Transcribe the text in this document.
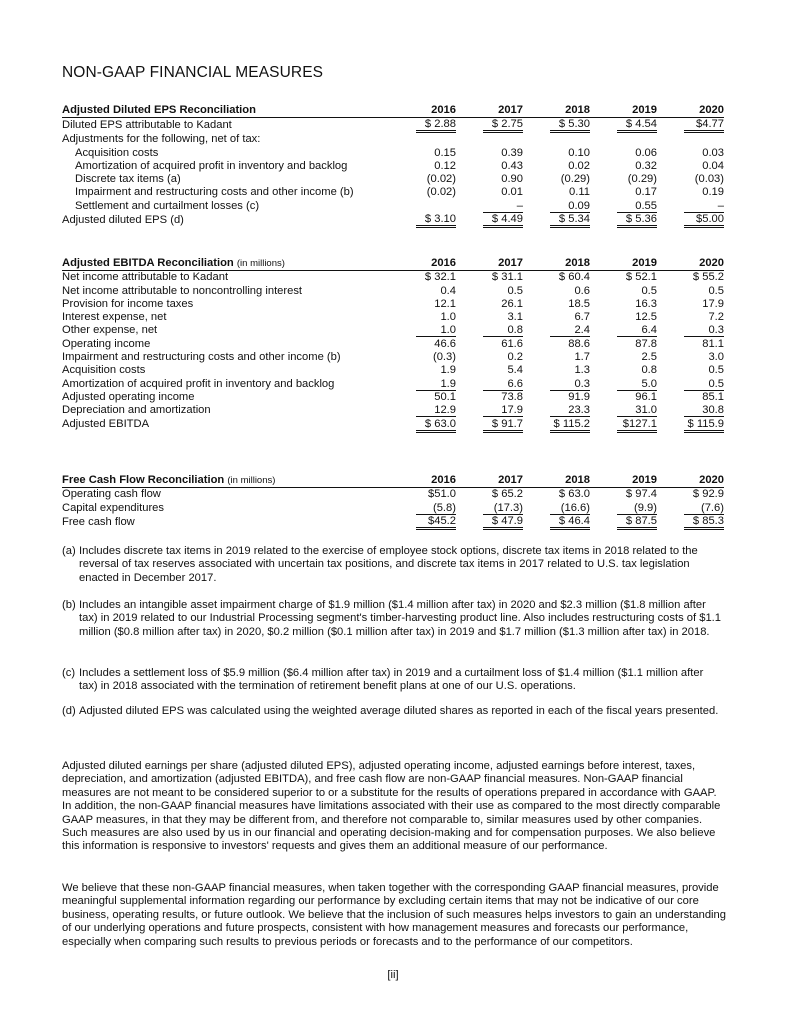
NON-GAAP FINANCIAL MEASURES
Adjusted Diluted EPS Reconciliation	2016	2017	2018	2019	2020
Diluted EPS attributable to Kadant	$ 2.88	$ 2.75	$ 5.30	$ 4.54	$4.77
Adjustments for the following, net of tax:					
Acquisition costs	0.15	0.39	0.10	0.06	0.03
Amortization of acquired profit in inventory and backlog	0.12	0.43	0.02	0.32	0.04
Discrete tax items (a)	(0.02)	0.90	(0.29)	(0.29)	(0.03)
Impairment and restructuring costs and other income (b)	(0.02)	0.01	0.11	0.17	0.19
Settlement and curtailment losses (c)		–	0.09	0.55	–
Adjusted diluted EPS (d)	$ 3.10	$ 4.49	$ 5.34	$ 5.36	$5.00
Adjusted EBITDA Reconciliation (in millions)	2016	2017	2018	2019	2020
Net income attributable to Kadant	$ 32.1	$ 31.1	$ 60.4	$ 52.1	$ 55.2
Net income attributable to noncontrolling interest	0.4	0.5	0.6	0.5	0.5
Provision for income taxes	12.1	26.1	18.5	16.3	17.9
Interest expense, net	1.0	3.1	6.7	12.5	7.2
Other expense, net	1.0	0.8	2.4	6.4	0.3
Operating income	46.6	61.6	88.6	87.8	81.1
Impairment and restructuring costs and other income (b)	(0.3)	0.2	1.7	2.5	3.0
Acquisition costs	1.9	5.4	1.3	0.8	0.5
Amortization of acquired profit in inventory and backlog	1.9	6.6	0.3	5.0	0.5
Adjusted operating income	50.1	73.8	91.9	96.1	85.1
Depreciation and amortization	12.9	17.9	23.3	31.0	30.8
Adjusted EBITDA	$ 63.0	$ 91.7	$ 115.2	$127.1	$ 115.9
Free Cash Flow Reconciliation (in millions)	2016	2017	2018	2019	2020
Operating cash flow	$51.0	$ 65.2	$ 63.0	$ 97.4	$ 92.9
Capital expenditures	(5.8)	(17.3)	(16.6)	(9.9)	(7.6)
Free cash flow	$45.2	$ 47.9	$ 46.4	$ 87.5	$ 85.3
(a) Includes discrete tax items in 2019 related to the exercise of employee stock options, discrete tax items in 2018 related to the reversal of tax reserves associated with uncertain tax positions, and discrete tax items in 2017 related to U.S. tax legislation enacted in December 2017.
(b) Includes an intangible asset impairment charge of $1.9 million ($1.4 million after tax) in 2020 and $2.3 million ($1.8 million after tax) in 2019 related to our Industrial Processing segment's timber-harvesting product line. Also includes restructuring costs of $1.1 million ($0.8 million after tax) in 2020, $0.2 million ($0.1 million after tax) in 2019 and $1.7 million ($1.3 million after tax) in 2018.
(c) Includes a settlement loss of $5.9 million ($6.4 million after tax) in 2019 and a curtailment loss of $1.4 million ($1.1 million after tax) in 2018 associated with the termination of retirement benefit plans at one of our U.S. operations.
(d) Adjusted diluted EPS was calculated using the weighted average diluted shares as reported in each of the fiscal years presented.
Adjusted diluted earnings per share (adjusted diluted EPS), adjusted operating income, adjusted earnings before interest, taxes, depreciation, and amortization (adjusted EBITDA), and free cash flow are non-GAAP financial measures. Non-GAAP financial measures are not meant to be considered superior to or a substitute for the results of operations prepared in accordance with GAAP. In addition, the non-GAAP financial measures have limitations associated with their use as compared to the most directly comparable GAAP measures, in that they may be different from, and therefore not comparable to, similar measures used by other companies. Such measures are also used by us in our financial and operating decision-making and for compensation purposes. We also believe this information is responsive to investors' requests and gives them an additional measure of our performance.
We believe that these non-GAAP financial measures, when taken together with the corresponding GAAP financial measures, provide meaningful supplemental information regarding our performance by excluding certain items that may not be indicative of our core business, operating results, or future outlook. We believe that the inclusion of such measures helps investors to gain an understanding of our underlying operations and future prospects, consistent with how management measures and forecasts our performance, especially when comparing such results to previous periods or forecasts and to the performance of our competitors.
[ii]
